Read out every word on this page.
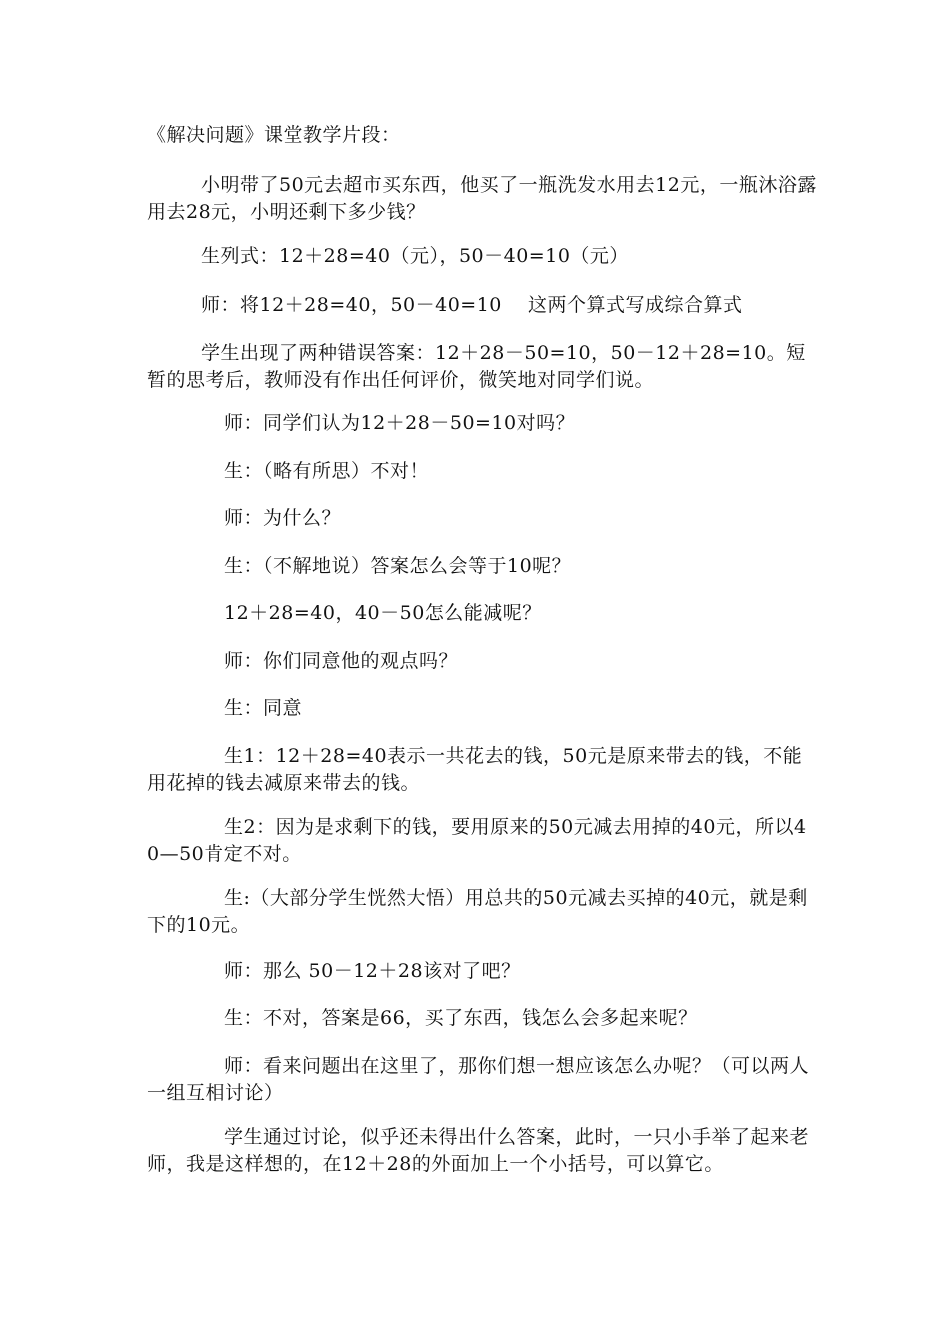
《解决问题》课堂教学片段：

小明带了50元去超市买东西，他买了一瓶洗发水用去12元，一瓶沐浴露用去28元，小明还剩下多少钱？

生列式：12＋28=40（元），50－40=10（元）

师：将12＋28=40，50－40=10　 这两个算式写成综合算式

学生出现了两种错误答案：12＋28－50=10，50－12＋28=10。短暂的思考后，教师没有作出任何评价，微笑地对同学们说。

师：同学们认为12＋28－50=10对吗？

生：（略有所思）不对！

师：为什么？

生：（不解地说）答案怎么会等于10呢？

12＋28=40，40－50怎么能减呢？

师：你们同意他的观点吗？

生：同意

生1：12＋28=40表示一共花去的钱，50元是原来带去的钱，不能用花掉的钱去减原来带去的钱。

生2：因为是求剩下的钱，要用原来的50元减去用掉的40元，所以40—50肯定不对。

生:（大部分学生恍然大悟）用总共的50元减去买掉的40元，就是剩下的10元。

师：那么 50－12＋28该对了吧？

生：不对，答案是66，买了东西，钱怎么会多起来呢？

师：看来问题出在这里了，那你们想一想应该怎么办呢？（可以两人一组互相讨论）

学生通过讨论，似乎还未得出什么答案，此时，一只小手举了起来老师，我是这样想的，在12＋28的外面加上一个小括号，可以算它。
